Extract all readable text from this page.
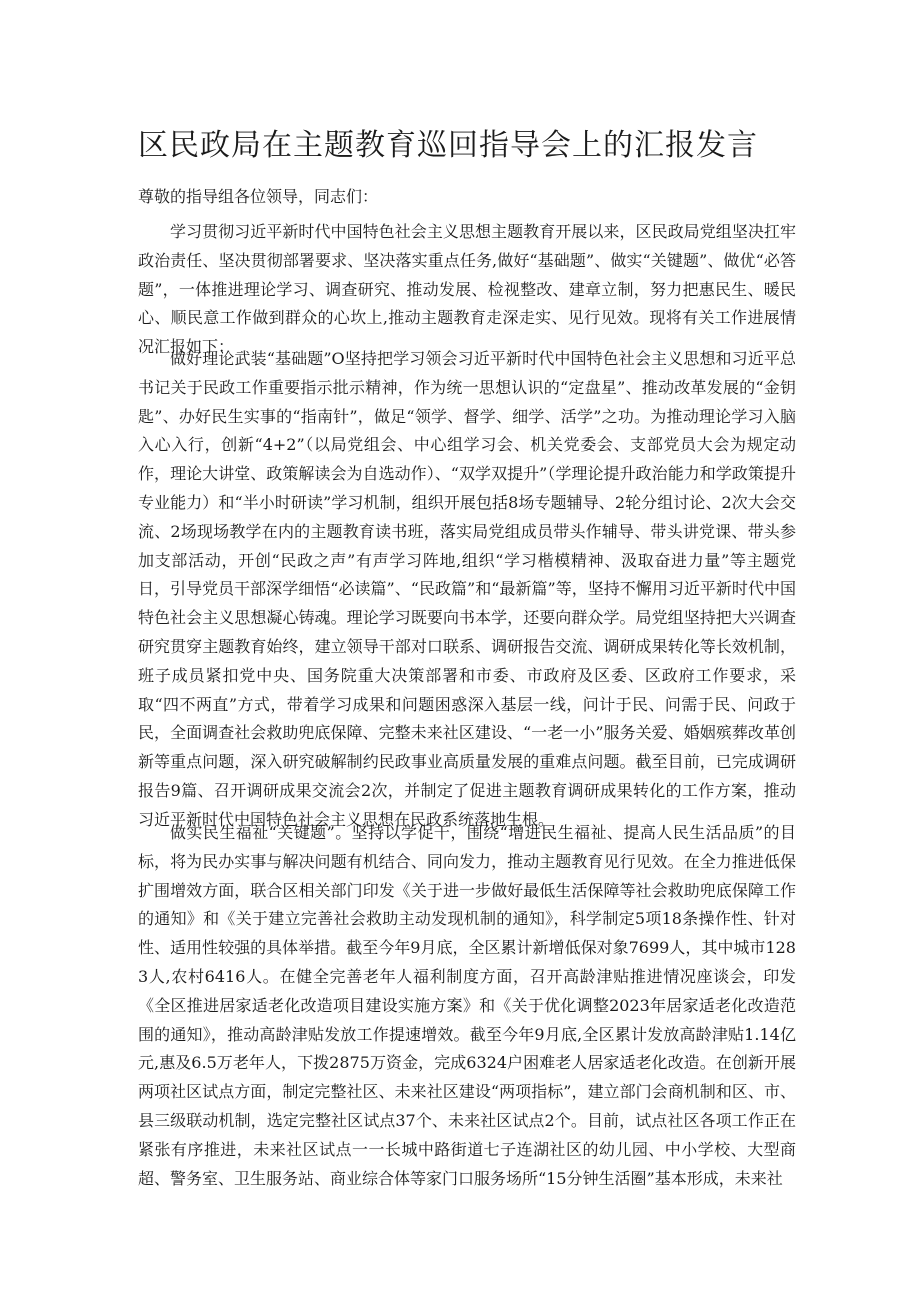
区民政局在主题教育巡回指导会上的汇报发言

尊敬的指导组各位领导，同志们：

学习贯彻习近平新时代中国特色社会主义思想主题教育开展以来，区民政局党组坚决扛牢政治责任、坚决贯彻部署要求、坚决落实重点任务,做好“基础题”、做实“关键题”、做优“必答题”，一体推进理论学习、调查研究、推动发展、检视整改、建章立制，努力把惠民生、暖民心、顺民意工作做到群众的心坎上,推动主题教育走深走实、见行见效。现将有关工作进展情况汇报如下：

做好理论武装“基础题”O坚持把学习领会习近平新时代中国特色社会主义思想和习近平总书记关于民政工作重要指示批示精神，作为统一思想认识的“定盘星”、推动改革发展的“金钥匙”、办好民生实事的“指南针”，做足“领学、督学、细学、活学”之功。为推动理论学习入脑入心入行，创新“4+2”（以局党组会、中心组学习会、机关党委会、支部党员大会为规定动作，理论大讲堂、政策解读会为自选动作）、“双学双提升”（学理论提升政治能力和学政策提升专业能力）和“半小时研读”学习机制，组织开展包括8场专题辅导、2轮分组讨论、2次大会交流、2场现场教学在内的主题教育读书班，落实局党组成员带头作辅导、带头讲党课、带头参加支部活动，开创“民政之声”有声学习阵地,组织“学习楷模精神、汲取奋进力量”等主题党日，引导党员干部深学细悟“必读篇”、“民政篇”和“最新篇”等，坚持不懈用习近平新时代中国特色社会主义思想凝心铸魂。理论学习既要向书本学，还要向群众学。局党组坚持把大兴调查研究贯穿主题教育始终，建立领导干部对口联系、调研报告交流、调研成果转化等长效机制，班子成员紧扣党中央、国务院重大决策部署和市委、市政府及区委、区政府工作要求，采取“四不两直”方式，带着学习成果和问题困惑深入基层一线，问计于民、问需于民、问政于民，全面调查社会救助兜底保障、完整未来社区建设、“一老一小”服务关爱、婚姻殡葬改革创新等重点问题，深入研究破解制约民政事业高质量发展的重难点问题。截至目前，已完成调研报告9篇、召开调研成果交流会2次，并制定了促进主题教育调研成果转化的工作方案，推动习近平新时代中国特色社会主义思想在民政系统落地生根。

做实民生福祉“关键题”。坚持以学促干，围绕“增进民生福祉、提高人民生活品质”的目标，将为民办实事与解决问题有机结合、同向发力，推动主题教育见行见效。在全力推进低保扩围增效方面，联合区相关部门印发《关于进一步做好最低生活保障等社会救助兜底保障工作的通知》和《关于建立完善社会救助主动发现机制的通知》，科学制定5项18条操作性、针对性、适用性较强的具体举措。截至今年9月底，全区累计新增低保对象7699人，其中城市1283人,农村6416人。在健全完善老年人福利制度方面，召开高龄津贴推进情况座谈会，印发《全区推进居家适老化改造项目建设实施方案》和《关于优化调整2023年居家适老化改造范围的通知》，推动高龄津贴发放工作提速增效。截至今年9月底,全区累计发放高龄津贴1.14亿元,惠及6.5万老年人，下拨2875万资金，完成6324户困难老人居家适老化改造。在创新开展两项社区试点方面，制定完整社区、未来社区建设“两项指标”，建立部门会商机制和区、市、县三级联动机制，选定完整社区试点37个、未来社区试点2个。目前，试点社区各项工作正在紧张有序推进，未来社区试点一一长城中路街道七子连湖社区的幼儿园、中小学校、大型商超、警务室、卫生服务站、商业综合体等家门口服务场所“15分钟生活圈”基本形成，未来社
